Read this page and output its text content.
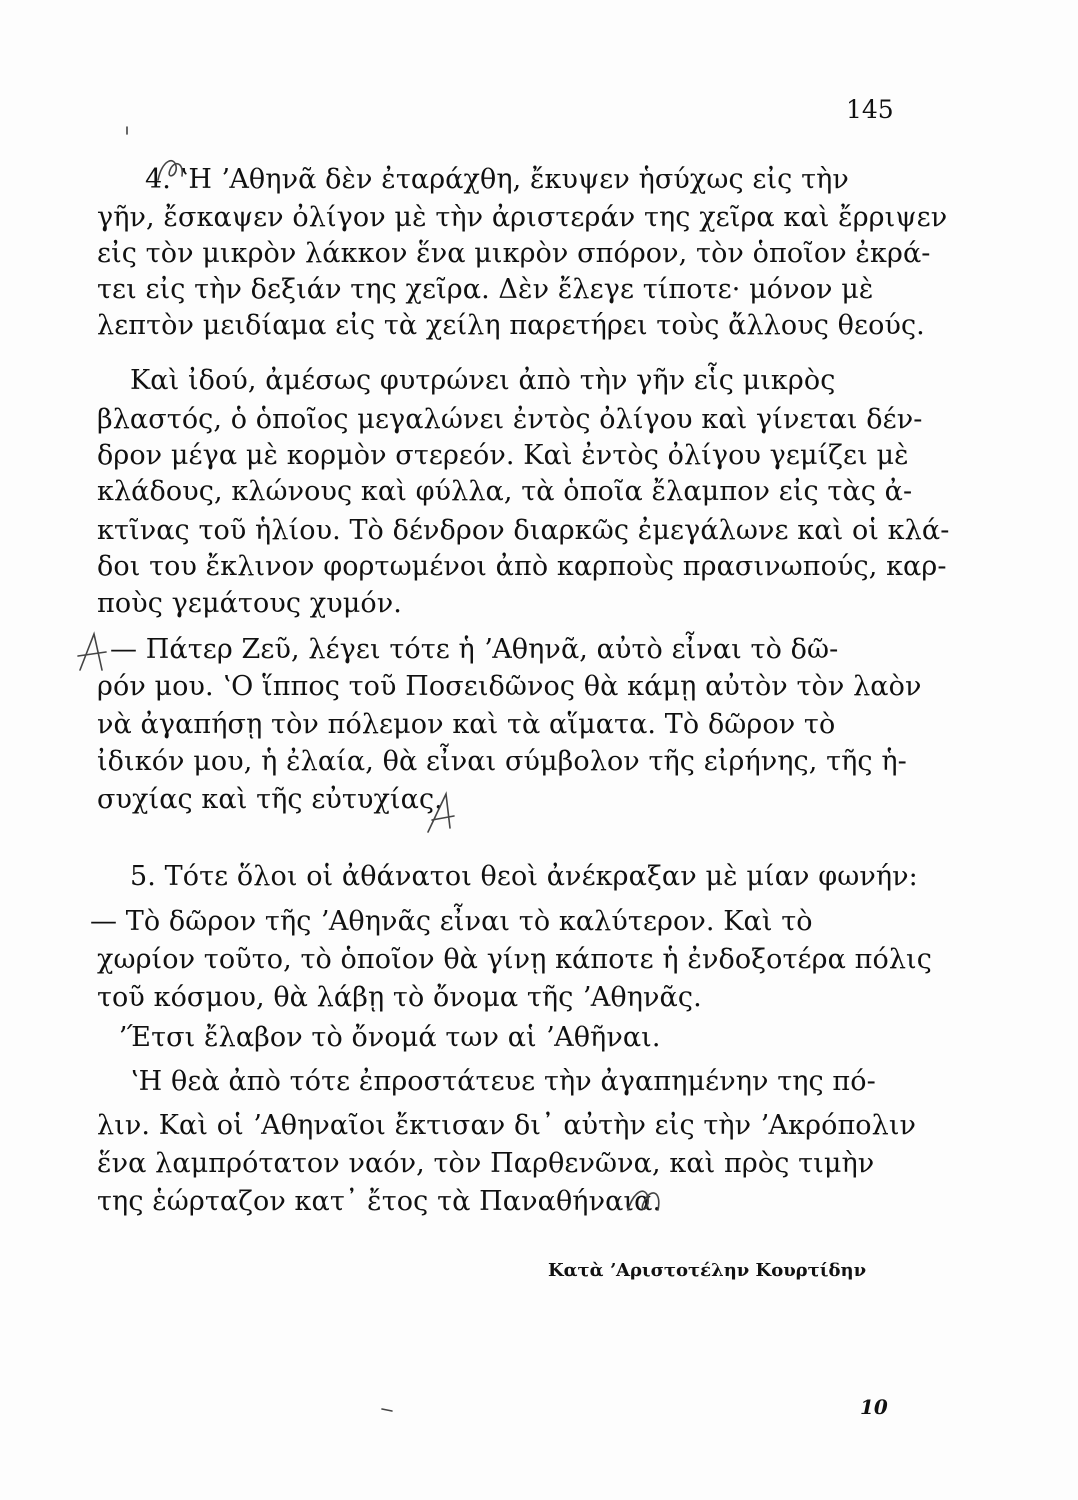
145
4. ʽΗ ʼΑθηνᾶ δὲν ἐταράχθη, ἔκυψεν ἡσύχως εἰς τὴν
γῆν, ἔσκαψεν ὀλίγον μὲ τὴν ἀριστεράν της χεῖρα καὶ ἔρριψεν
εἰς τὸν μικρὸν λάκκον ἕνα μικρὸν σπόρον, τὸν ὁποῖον ἐκρά-
τει εἰς τὴν δεξιάν της χεῖρα. Δὲν ἔλεγε τίποτε· μόνον μὲ
λεπτὸν μειδίαμα εἰς τὰ χείλη παρετήρει τοὺς ἄλλους θεούς.
Καὶ ἰδού, ἀμέσως φυτρώνει ἀπὸ τὴν γῆν εἷς μικρὸς
βλαστός, ὁ ὁποῖος μεγαλώνει ἐντὸς ὀλίγου καὶ γίνεται δέν-
δρον μέγα μὲ κορμὸν στερεόν. Καὶ ἐντὸς ὀλίγου γεμίζει μὲ
κλάδους, κλώνους καὶ φύλλα, τὰ ὁποῖα ἔλαμπον εἰς τὰς ἀ-
κτῖνας τοῦ ἡλίου. Τὸ δένδρον διαρκῶς ἐμεγάλωνε καὶ οἱ κλά-
δοι του ἔκλινον φορτωμένοι ἀπὸ καρποὺς πρασινωπούς, καρ-
ποὺς γεμάτους χυμόν.
— Πάτερ Ζεῦ, λέγει τότε ἡ ʼΑθηνᾶ, αὐτὸ εἶναι τὸ δῶ-
ρόν μου. ʽΟ ἵππος τοῦ Ποσειδῶνος θὰ κάμῃ αὐτὸν τὸν λαὸν
νὰ ἀγαπήσῃ τὸν πόλεμον καὶ τὰ αἵματα. Τὸ δῶρον τὸ
ἰδικόν μου, ἡ ἐλαία, θὰ εἶναι σύμβολον τῆς εἰρήνης, τῆς ἡ-
συχίας καὶ τῆς εὐτυχίας.
5. Τότε ὅλοι οἱ ἀθάνατοι θεοὶ ἀνέκραξαν μὲ μίαν φωνήν:
— Τὸ δῶρον τῆς ʼΑθηνᾶς εἶναι τὸ καλύτερον. Καὶ τὸ
χωρίον τοῦτο, τὸ ὁποῖον θὰ γίνῃ κάποτε ἡ ἐνδοξοτέρα πόλις
τοῦ κόσμου, θὰ λάβῃ τὸ ὄνομα τῆς ʼΑθηνᾶς.
ʼΈτσι ἔλαβον τὸ ὄνομά των αἱ ʼΑθῆναι.
ʽΗ θεὰ ἀπὸ τότε ἐπροστάτευε τὴν ἀγαπημένην της πό-
λιν. Καὶ οἱ ʼΑθηναῖοι ἔκτισαν δι᾽ αὐτὴν εἰς τὴν ʼΑκρόπολιν
ἕνα λαμπρότατον ναόν, τὸν Παρθενῶνα, καὶ πρὸς τιμὴν
της ἑώρταζον κατ᾽ ἔτος τὰ Παναθήναια.
Κατὰ ʼΑριστοτέλην Κουρτίδην
10
